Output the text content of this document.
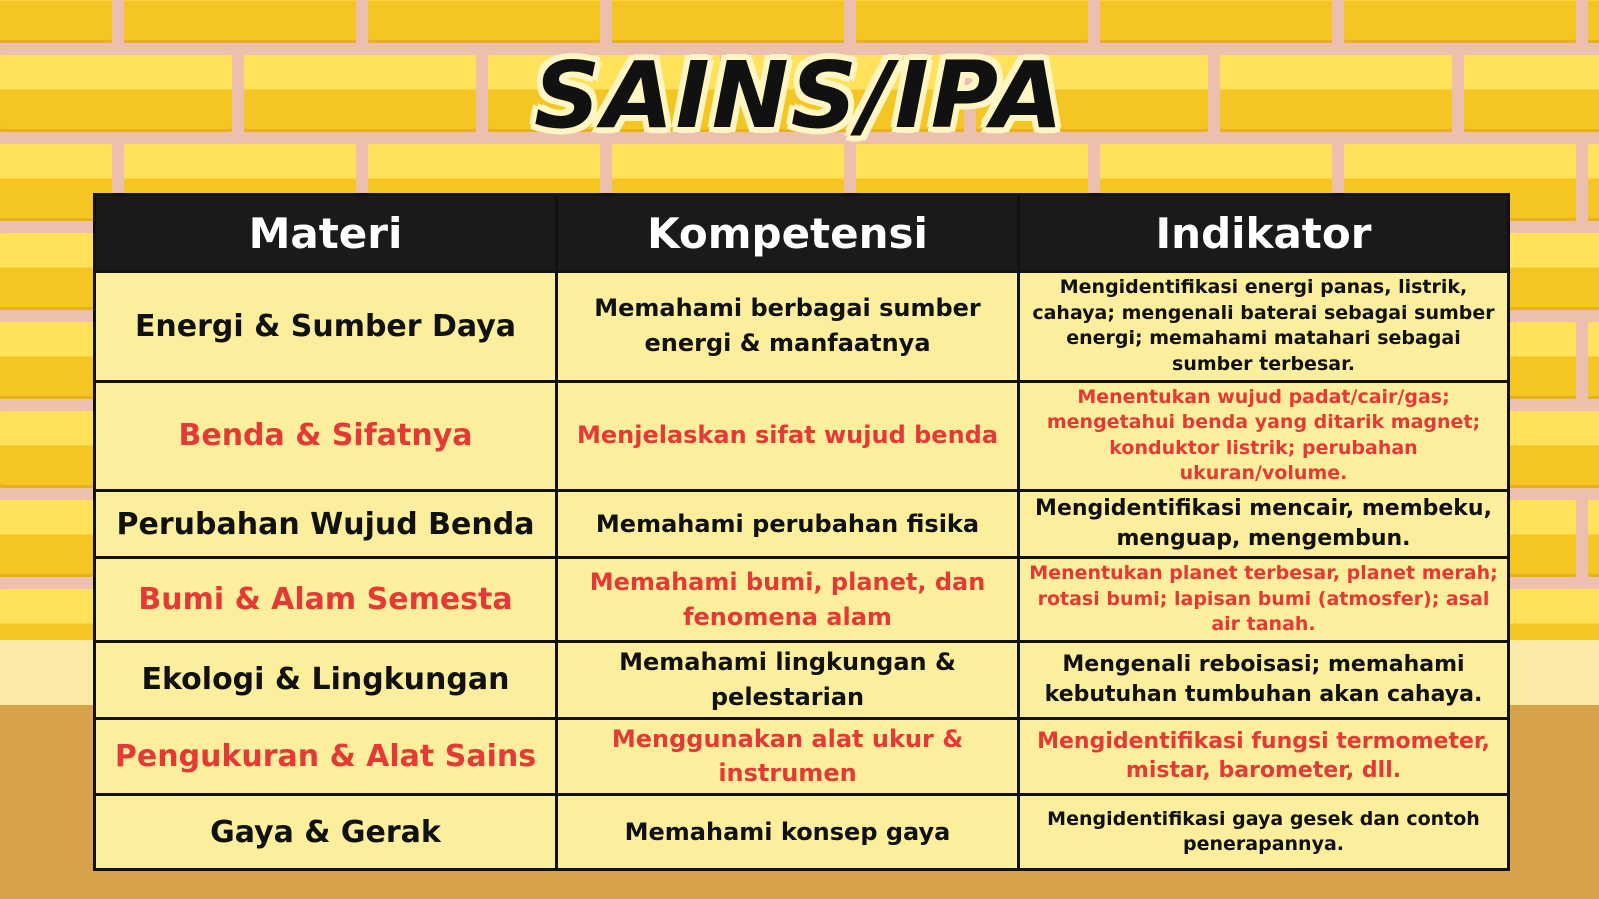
SAINS/IPA
Materi	Kompetensi	Indikator
Energi & Sumber Daya	Memahami berbagai sumber energi & manfaatnya	Mengidentifikasi energi panas, listrik, cahaya; mengenali baterai sebagai sumber energi; memahami matahari sebagai sumber terbesar.
Benda & Sifatnya	Menjelaskan sifat wujud benda	Menentukan wujud padat/cair/gas; mengetahui benda yang ditarik magnet; konduktor listrik; perubahan ukuran/volume.
Perubahan Wujud Benda	Memahami perubahan fisika	Mengidentifikasi mencair, membeku, menguap, mengembun.
Bumi & Alam Semesta	Memahami bumi, planet, dan fenomena alam	Menentukan planet terbesar, planet merah; rotasi bumi; lapisan bumi (atmosfer); asal air tanah.
Ekologi & Lingkungan	Memahami lingkungan & pelestarian	Mengenali reboisasi; memahami kebutuhan tumbuhan akan cahaya.
Pengukuran & Alat Sains	Menggunakan alat ukur & instrumen	Mengidentifikasi fungsi termometer, mistar, barometer, dll.
Gaya & Gerak	Memahami konsep gaya	Mengidentifikasi gaya gesek dan contoh penerapannya.
